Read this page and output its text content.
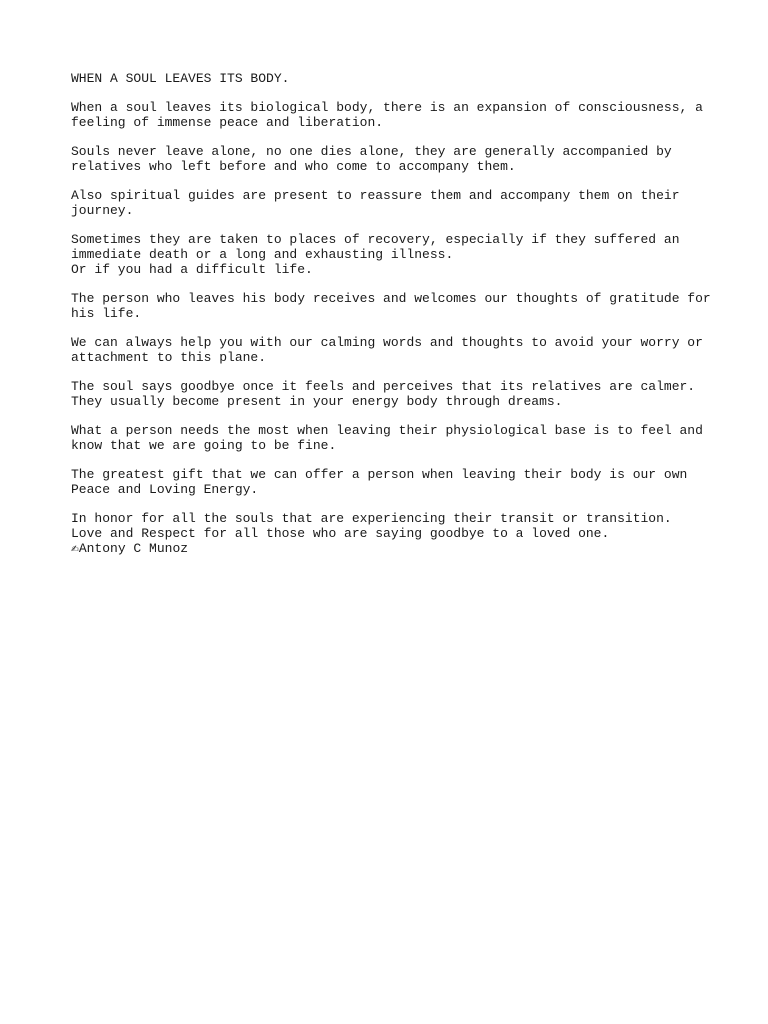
WHEN A SOUL LEAVES ITS BODY.
When a soul leaves its biological body, there is an expansion of consciousness, a
feeling of immense peace and liberation.
Souls never leave alone, no one dies alone, they are generally accompanied by
relatives who left before and who come to accompany them.
Also spiritual guides are present to reassure them and accompany them on their
journey.
Sometimes they are taken to places of recovery, especially if they suffered an
immediate death or a long and exhausting illness.
Or if you had a difficult life.
The person who leaves his body receives and welcomes our thoughts of gratitude for
his life.
We can always help you with our calming words and thoughts to avoid your worry or
attachment to this plane.
The soul says goodbye once it feels and perceives that its relatives are calmer.
They usually become present in your energy body through dreams.
What a person needs the most when leaving their physiological base is to feel and
know that we are going to be fine.
The greatest gift that we can offer a person when leaving their body is our own
Peace and Loving Energy.
In honor for all the souls that are experiencing their transit or transition.
Love and Respect for all those who are saying goodbye to a loved one.
✍Antony C Munoz
